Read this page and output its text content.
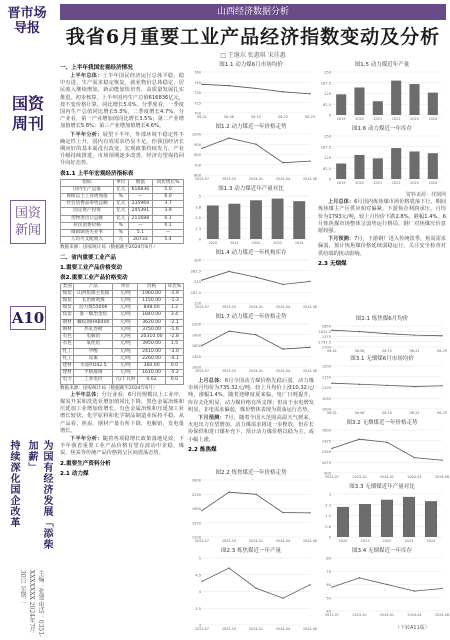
晋市场导报
国资周刊
国资新闻
A10
持续深化国企改革	为国有经济发展「添柴加薪」
主编：张建 电话：0351-XXXXXXX 2024年7月30日 星期二
山西经济数据分析
我省6月重要工业产品经济指数变动及分析
□ 王继东 张惠琪 宋佳惠
一、上半年我国宏观经济情况

上半年总体：上半年国民经济运行总体平稳，稳中有进，生产需求稳定恢复，就业物价总体稳定，居民收入继续增加，新动能加快培育，高质量发展扎实推进。初步核算，上半年国内生产总值616836亿元，按不变价格计算，同比增长5.0%。分季度看，一季度国内生产总值同比增长5.3%，二季度增长4.7%。分产业看，第一产业增加值同比增长3.5%；第二产业增加值增长5.8%；第三产业增加值增长4.6%。

下半年分析：展望下半年，外部环境不稳定性不确定性上升，国内有效需求仍显不足。但我国经济长期向好的基本面没有改变，宏观政策持续发力，产业升级持续推进，市场预期逐步改善，经济有望保持回升向好态势。

表1.1 上半年宏观经济指标表
指标	单位	数值	同比增长%
国内生产总值	亿元	616836	5.0
规模以上工业增加值	%	—	6.0
社会消费品零售总额	亿元	235969	3.7
固定资产投资	亿元	245391	3.9
货物进出口总额	亿元	211688	6.1
居民消费价格	%	—	0.1
城镇调查失业率	%	5.1	—
人均可支配收入	元	20733	5.4
数据来源：国家统计局（数据截至2024年6月）
二、省内重要工业产品
1.重要工业产品价格变动
表2.重要工业产品价格变动
类别	产品	单位	价格	环比%
煤炭	山西焦煤主焦煤	元/吨	1960.00	-1.9
煤炭	长治喷吹煤	元/吨	1150.00	-1.3
煤炭	动力煤5500K	元/吨	848.00	1.2
焦炭	准一级冶金焦	元/吨	1840.00	3.4
钢材	螺纹钢HRB400	元/吨	3620.00	-2.1
钢材	热轧卷板	元/吨	3750.00	-1.6
有色	电解铝	元/吨	20310.00	-2.8
有色	氧化铝	元/吨	3950.00	1.5
化工	甲醇	元/吨	2410.00	-3.0
化工	尿素	元/吨	2260.00	-4.1
建材	水泥P.O42.5	元/吨	360.00	0.0
建材	平板玻璃	元/吨	1610.00	-5.2
电力	工业电价	元/千瓦时	0.62	0.0
数据来源：国家统计局（数据截至2024年6月）

上半年总体：分行业看，6月份规模以上工业中，煤炭开采和洗选业增加值同比下降，黑色金属冶炼和压延加工业增加值增长，有色金属冶炼和压延加工业增长较快，化学原料和化学制品制造业保持平稳。从产品看，焦炭、钢材产量有所下降，电解铝、发电量增长。

下半年分析：随着各项稳增长政策落地见效，下半年我省重要工业产品价格有望在波动中企稳，煤炭、焦炭等传统产品价格将呈区间震荡态势。

2.重要生产资料分析
2.1 动力煤

上月总体：6月全国动力煤价格先稳后弱，动力煤市场月均价为735.32元/吨，较上月均价上涨10.32元/吨，涨幅1.4%。随着迎峰度夏来临，电厂日耗提升，库存去化明显，动力煤价格有所支撑；但由于水电增发明显，非电需求偏弱，煤价整体表现为震荡运行态势。

下月预测：7月，随着全国大范围高温天气到来，火电出力有望增加，动力煤需求将进一步释放，但在长协保供和进口煤补充下，预计动力煤价格以稳为主，或小幅上涨。

2.2 炼焦煤
资料来源：找钢网

上月总体：6月国内炼焦煤市场价格震荡下行，期间炼焦煤主产区供应相对偏紧，下游焦企利润承压，月均价为1793元/吨，较上月均价下跌2.8%，跌幅1.4%。6月炼焦煤市场整体呈弱势运行格局，钢厂对焦煤压价意愿较强。

下月预测：7月，下游钢厂进入传统淡季，焦炭需求偏弱，预计炼焦煤价格延续弱稳运行，关注安全检查对供给端的扰动影响。

2.3 无烟煤
（下转A11版）
图1.1 动力煤6月市场均价
760
745
730
715
700
06-01	06-08	06-15	06-22	06-29
图1.2 动力煤近一年价格走势
1000
900
800
700
600
2023-07	2023-10	2024-01	2024-04	2024-06
图1.3 动力煤近年产量对比
5
3.8
2.5
1.3
0
2020	2021	2022	2023	2024
图1.4 动力煤近一年机构库存
300
262.5
225
187.5
150
2023-07	2023-10	2024-01	2024-04	2024-06
图2.2 炼焦煤近一年价格走势
2600
2250
1900
1550
1200
2023-07	2023-10	2024-01	2024-04	2024-06
图2.3 炼焦煤近一年产量
5
4.5
4
3.5
3
2023-07	2023-10	2024-01	2024-04	2024-06
图1.5 动力煤近年产量
250
187.5
125
62.5
0
2019	2020	2021	2022	2023	2024
图1.6 动力煤近一年库存
250
187.5
125
62.5
0
2019	2020	2021	2022	2023	2024
图1.7 动力煤近一年价格走势
2200
1900
1600
1300
1000
2023-07	2023-10	2024-01	2024-04	2024-06
图2.1 炼焦煤6月均价
1850
1812.5
1775
1737.5
1700
06-01	06-08	06-15	06-22	06-29
图3.1 无烟煤6月市场均价
1200
1150
1100
1050
1000
06-01	06-08	06-15	06-22	06-29
图3.2 无烟煤近一年价格走势
1600
1425
1250
1075
900
2023-07	2023-10	2024-01	2024-04	2024-06
图3.3 无烟煤近年产量对比
3
2.3
1.5
0.8
0
2020	2021	2022	2023	2024
图3.4 无烟煤近一年库存
80
70
60
50
40
2023-07	2023-10	2024-01	2024-04	2024-06
